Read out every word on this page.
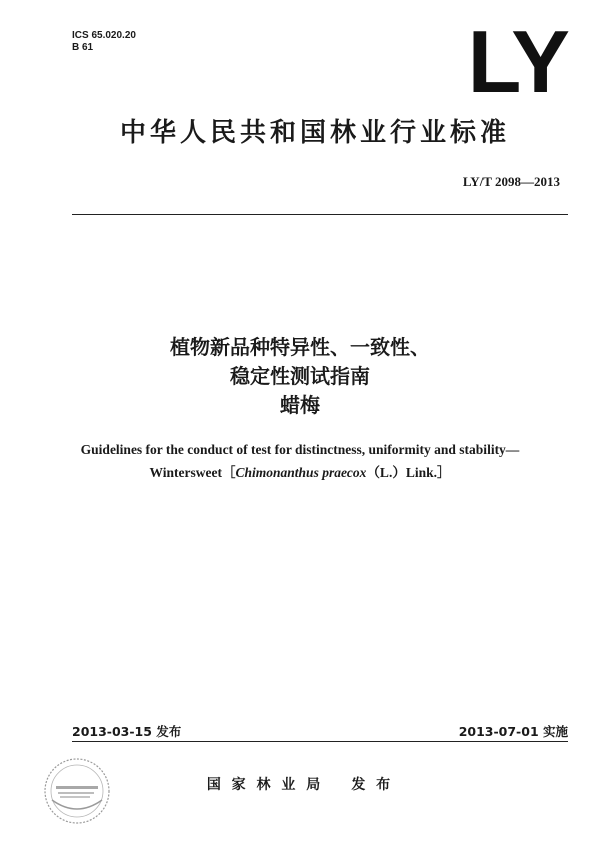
ICS 65.020.20
B 61	LY
中华人民共和国林业行业标准
LY/T 2098—2013
植物新品种特异性、一致性、
稳定性测试指南
蜡梅
Guidelines for the conduct of test for distinctness, uniformity and stability—
Wintersweet［Chimonanthus praecox（L.）Link.］
2013-03-15 发布	2013-07-01 实施
国 家 林 业 局 发 布
